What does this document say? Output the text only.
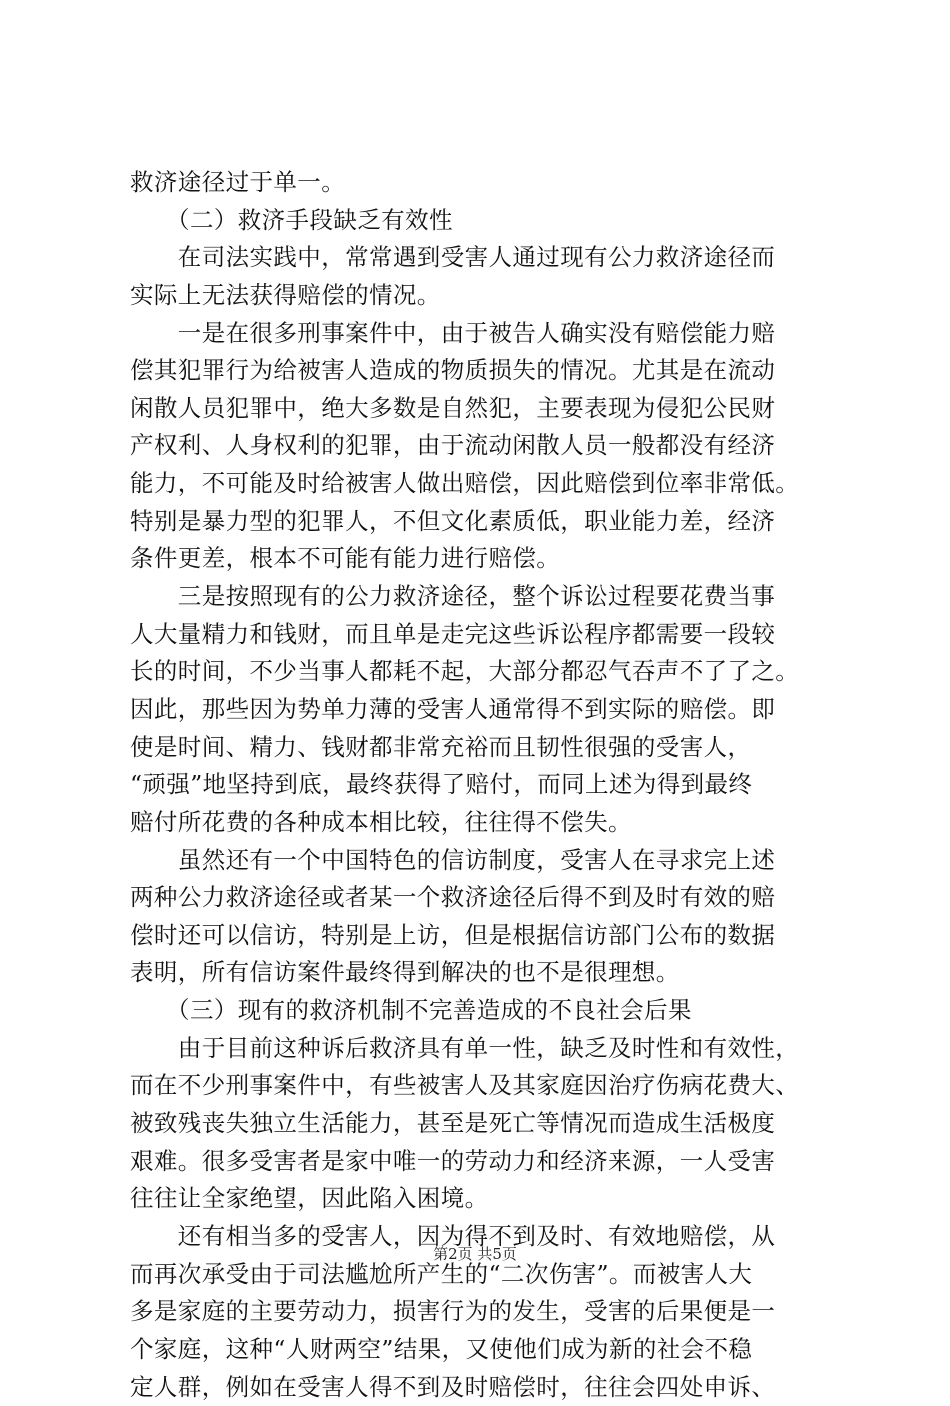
救济途径过于单一。
　　（二）救济手段缺乏有效性
　　在司法实践中，常常遇到受害人通过现有公力救济途径而
实际上无法获得赔偿的情况。
　　一是在很多刑事案件中，由于被告人确实没有赔偿能力赔
偿其犯罪行为给被害人造成的物质损失的情况。尤其是在流动
闲散人员犯罪中，绝大多数是自然犯，主要表现为侵犯公民财
产权利、人身权利的犯罪，由于流动闲散人员一般都没有经济
能力，不可能及时给被害人做出赔偿，因此赔偿到位率非常低。
特别是暴力型的犯罪人，不但文化素质低，职业能力差，经济
条件更差，根本不可能有能力进行赔偿。
　　三是按照现有的公力救济途径，整个诉讼过程要花费当事
人大量精力和钱财，而且单是走完这些诉讼程序都需要一段较
长的时间，不少当事人都耗不起，大部分都忍气吞声不了了之。
因此，那些因为势单力薄的受害人通常得不到实际的赔偿。即
使是时间、精力、钱财都非常充裕而且韧性很强的受害人，
“顽强”地坚持到底，最终获得了赔付，而同上述为得到最终
赔付所花费的各种成本相比较，往往得不偿失。
　　虽然还有一个中国特色的信访制度，受害人在寻求完上述
两种公力救济途径或者某一个救济途径后得不到及时有效的赔
偿时还可以信访，特别是上访，但是根据信访部门公布的数据
表明，所有信访案件最终得到解决的也不是很理想。
　　（三）现有的救济机制不完善造成的不良社会后果
　　由于目前这种诉后救济具有单一性，缺乏及时性和有效性，
而在不少刑事案件中，有些被害人及其家庭因治疗伤病花费大、
被致残丧失独立生活能力，甚至是死亡等情况而造成生活极度
艰难。很多受害者是家中唯一的劳动力和经济来源，一人受害
往往让全家绝望，因此陷入困境。
　　还有相当多的受害人，因为得不到及时、有效地赔偿，从
而再次承受由于司法尴尬所产生的“二次伤害”。而被害人大
多是家庭的主要劳动力，损害行为的发生，受害的后果便是一
个家庭，这种“人财两空”结果，又使他们成为新的社会不稳
定人群，例如在受害人得不到及时赔偿时，往往会四处申诉、
第2页 共5页
